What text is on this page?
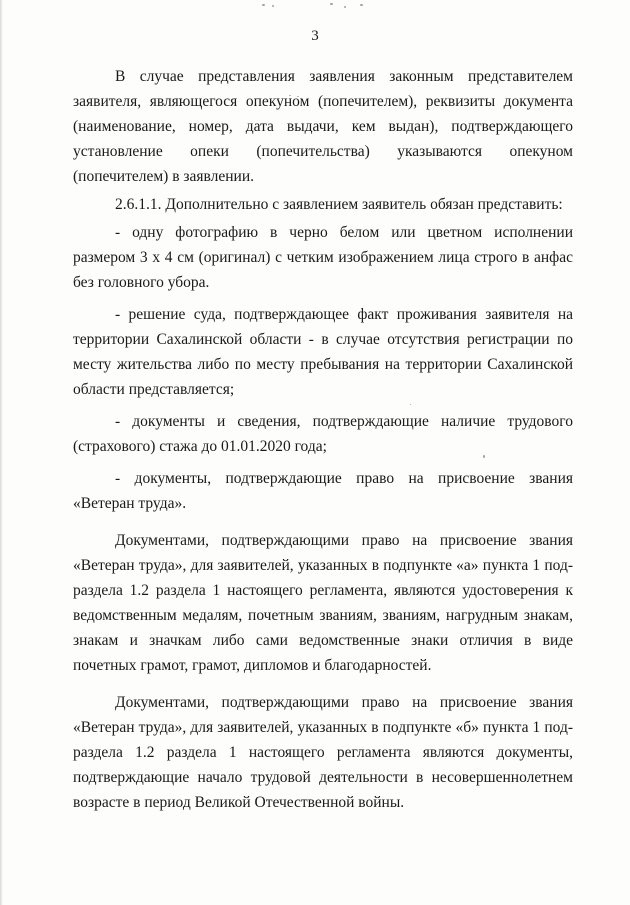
3

В случае представления заявления законным представителем заявителя, являющегося опекуном (попечителем), реквизиты документа (наименование, номер, дата выдачи, кем выдан), подтверждающего установление опеки (попечительства) указываются опекуном (попечителем) в заявлении.

2.6.1.1. Дополнительно с заявлением заявитель обязан представить:

- одну фотографию в черно белом или цветном исполнении размером 3 х 4 см (оригинал) с четким изображением лица строго в анфас без головного убора.

- решение суда, подтверждающее факт проживания заявителя на территории Сахалинской области - в случае отсутствия регистрации по месту жительства либо по месту пребывания на территории Сахалинской области представляется;

- документы и сведения, подтверждающие наличие трудового (страхового) стажа до 01.01.2020 года;

- документы, подтверждающие право на присвоение звания «Ветеран труда».

Документами, подтверждающими право на присвоение звания «Ветеран труда», для заявителей, указанных в подпункте «а» пункта 1 под-раздела 1.2 раздела 1 настоящего регламента, являются удостоверения к ведомственным медалям, почетным званиям, званиям, нагрудным знакам, знакам и значкам либо сами ведомственные знаки отличия в виде почетных грамот, грамот, дипломов и благодарностей.

Документами, подтверждающими право на присвоение звания «Ветеран труда», для заявителей, указанных в подпункте «б» пункта 1 под-раздела 1.2 раздела 1 настоящего регламента являются документы, подтверждающие начало трудовой деятельности в несовершеннолетнем возрасте в период Великой Отечественной войны.
